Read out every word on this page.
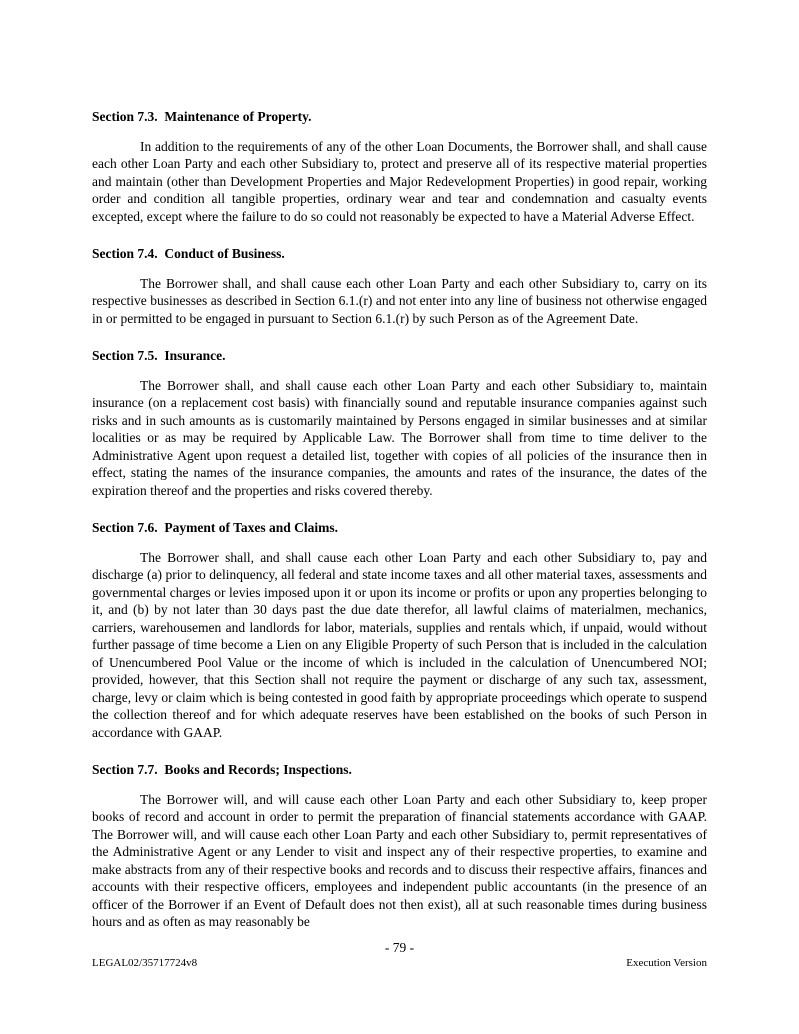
Section 7.3.  Maintenance of Property.

In addition to the requirements of any of the other Loan Documents, the Borrower shall, and shall cause each other Loan Party and each other Subsidiary to, protect and preserve all of its respective material properties and maintain (other than Development Properties and Major Redevelopment Properties) in good repair, working order and condition all tangible properties, ordinary wear and tear and condemnation and casualty events excepted, except where the failure to do so could not reasonably be expected to have a Material Adverse Effect.

Section 7.4.  Conduct of Business.

The Borrower shall, and shall cause each other Loan Party and each other Subsidiary to, carry on its respective businesses as described in Section 6.1.(r) and not enter into any line of business not otherwise engaged in or permitted to be engaged in pursuant to Section 6.1.(r) by such Person as of the Agreement Date.

Section 7.5.  Insurance.

The Borrower shall, and shall cause each other Loan Party and each other Subsidiary to, maintain insurance (on a replacement cost basis) with financially sound and reputable insurance companies against such risks and in such amounts as is customarily maintained by Persons engaged in similar businesses and at similar localities or as may be required by Applicable Law. The Borrower shall from time to time deliver to the Administrative Agent upon request a detailed list, together with copies of all policies of the insurance then in effect, stating the names of the insurance companies, the amounts and rates of the insurance, the dates of the expiration thereof and the properties and risks covered thereby.

Section 7.6.  Payment of Taxes and Claims.

The Borrower shall, and shall cause each other Loan Party and each other Subsidiary to, pay and discharge (a) prior to delinquency, all federal and state income taxes and all other material taxes, assessments and governmental charges or levies imposed upon it or upon its income or profits or upon any properties belonging to it, and (b) by not later than 30 days past the due date therefor, all lawful claims of materialmen, mechanics, carriers, warehousemen and landlords for labor, materials, supplies and rentals which, if unpaid, would without further passage of time become a Lien on any Eligible Property of such Person that is included in the calculation of Unencumbered Pool Value or the income of which is included in the calculation of Unencumbered NOI; provided, however, that this Section shall not require the payment or discharge of any such tax, assessment, charge, levy or claim which is being contested in good faith by appropriate proceedings which operate to suspend the collection thereof and for which adequate reserves have been established on the books of such Person in accordance with GAAP.

Section 7.7.  Books and Records; Inspections.

The Borrower will, and will cause each other Loan Party and each other Subsidiary to, keep proper books of record and account in order to permit the preparation of financial statements accordance with GAAP. The Borrower will, and will cause each other Loan Party and each other Subsidiary to, permit representatives of the Administrative Agent or any Lender to visit and inspect any of their respective properties, to examine and make abstracts from any of their respective books and records and to discuss their respective affairs, finances and accounts with their respective officers, employees and independent public accountants (in the presence of an officer of the Borrower if an Event of Default does not then exist), all at such reasonable times during business hours and as often as may reasonably be

- 79 -
LEGAL02/35717724v8	Execution Version
